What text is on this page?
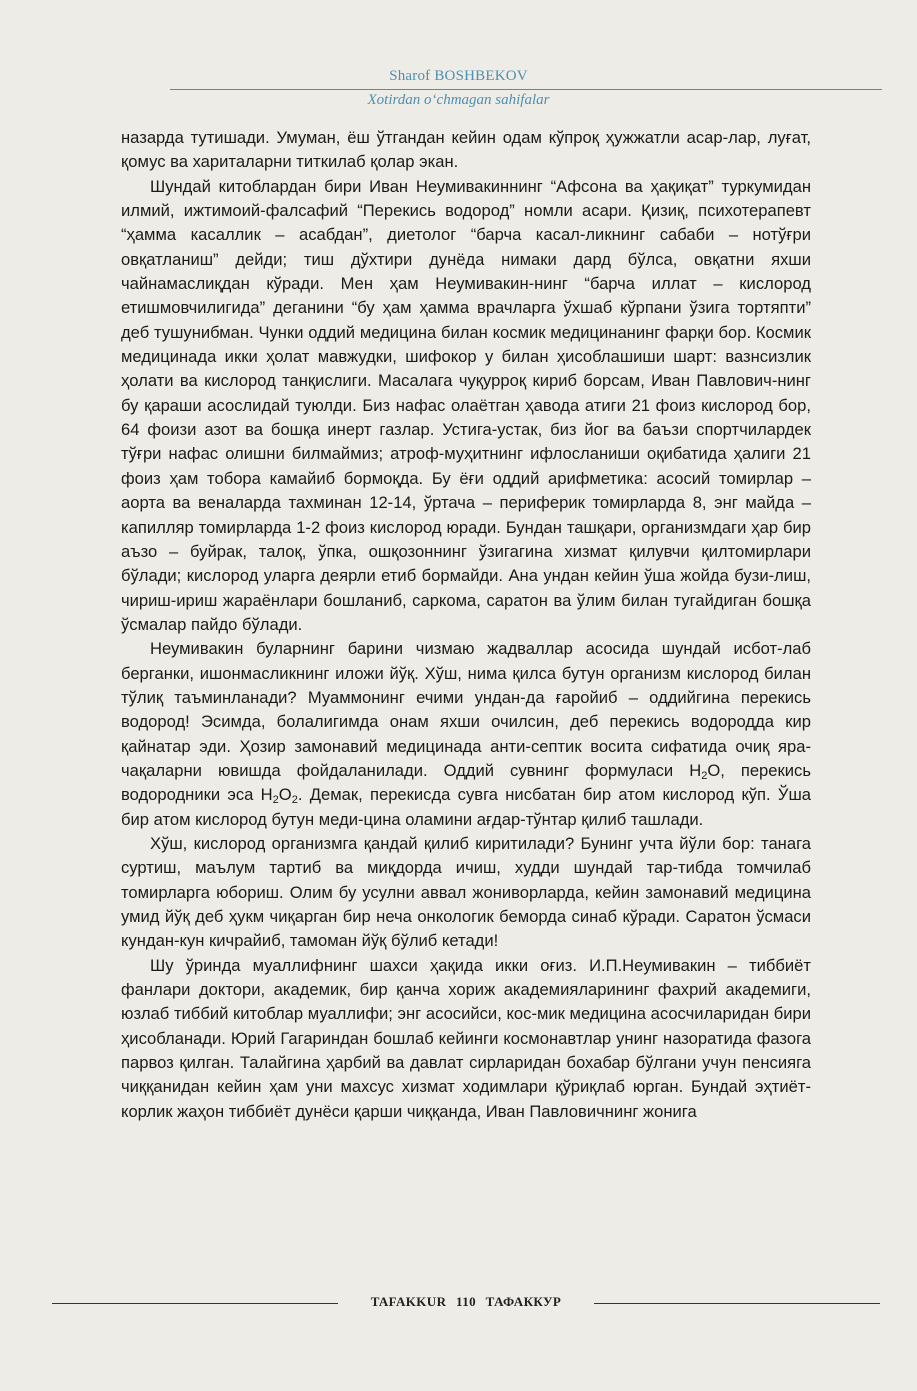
Sharof BOSHBEKOV
Xotirdan o‘chmagan sahifalar

назарда тутишади. Умуман, ёш ўтгандан кейин одам кўпроқ ҳужжатли асар-лар, луғат, қомус ва хариталарни титкилаб қолар экан.

Шундай китоблардан бири Иван Неумивакиннинг “Афсона ва ҳақиқат” туркумидан илмий, ижтимоий-фалсафий “Перекись водород” номли асари. Қизиқ, психотерапевт “ҳамма касаллик – асабдан”, диетолог “барча касал-ликнинг сабаби – нотўғри овқатланиш” дейди; тиш дўхтири дунёда нимаки дард бўлса, овқатни яхши чайнамаслиқдан кўради. Мен ҳам Неумивакин-нинг “барча иллат – кислород етишмовчилигида” деганини “бу ҳам ҳамма врачларга ўхшаб кўрпани ўзига тортяпти” деб тушунибман. Чунки оддий медицина билан космик медицинанинг фарқи бор. Космик медицинада икки ҳолат мавжудки, шифокор у билан ҳисоблашиши шарт: вазнсизлик ҳолати ва кислород танқислиги. Масалага чуқурроқ кириб борсам, Иван Павлович-нинг бу қараши асослидай туюлди. Биз нафас олаётган ҳавода атиги 21 фоиз кислород бор, 64 фоизи азот ва бошқа инерт газлар. Устига-устак, биз йог ва баъзи спортчилардек тўғри нафас олишни билмаймиз; атроф-муҳитнинг ифлосланиши оқибатида ҳалиги 21 фоиз ҳам тобора камайиб бормоқда. Бу ёғи оддий арифметика: асосий томирлар – аорта ва веналарда тахминан 12-14, ўртача – периферик томирларда 8, энг майда – капилляр томирларда 1-2 фоиз кислород юради. Бундан ташқари, организмдаги ҳар бир аъзо – буйрак, талоқ, ўпка, ошқозоннинг ўзигагина хизмат қилувчи қилтомирлари бўлади; кислород уларга деярли етиб бормайди. Ана ундан кейин ўша жойда бузи-лиш, чириш-ириш жараёнлари бошланиб, саркома, саратон ва ўлим билан тугайдиган бошқа ўсмалар пайдо бўлади.

Неумивакин буларнинг барини чизмаю жадваллар асосида шундай исбот-лаб берганки, ишонмасликнинг иложи йўқ. Хўш, нима қилса бутун организм кислород билан тўлиқ таъминланади? Муаммонинг ечими ундан-да ғаройиб – оддийгина перекись водород! Эсимда, болалигимда онам яхши очилсин, деб перекись водородда кир қайнатар эди. Ҳозир замонавий медицинада анти-септик восита сифатида очиқ яра-чақаларни ювишда фойдаланилади. Оддий сувнинг формуласи $Н_2О$, перекись водородники эса $Н_2О_2$. Демак, перекисда сувга нисбатан бир атом кислород кўп. Ўша бир атом кислород бутун меди-цина оламини ағдар-тўнтар қилиб ташлади.

Хўш, кислород организмга қандай қилиб киритилади? Бунинг учта йўли бор: танага суртиш, маълум тартиб ва миқдорда ичиш, худди шундай тар-тибда томчилаб томирларга юбориш. Олим бу усулни аввал жониворларда, кейин замонавий медицина умид йўқ деб ҳукм чиқарган бир неча онкологик беморда синаб кўради. Саратон ўсмаси кундан-кун кичрайиб, тамоман йўқ бўлиб кетади!

Шу ўринда муаллифнинг шахси ҳақида икки оғиз. И.П.Неумивакин – тиббиёт фанлари доктори, академик, бир қанча хориж академияларининг фахрий академиги, юзлаб тиббий китоблар муаллифи; энг асосийси, кос-мик медицина асосчиларидан бири ҳисобланади. Юрий Гагариндан бошлаб кейинги космонавтлар унинг назоратида фазога парвоз қилган. Талайгина ҳарбий ва давлат сирларидан бохабар бўлгани учун пенсияга чиққанидан кейин ҳам уни махсус хизмат ходимлари қўриқлаб юрган. Бундай эҳтиёт-корлик жаҳон тиббиёт дунёси қарши чиққанда, Иван Павловичнинг жонига

TAFAKKUR 110 ТАФАККУР
